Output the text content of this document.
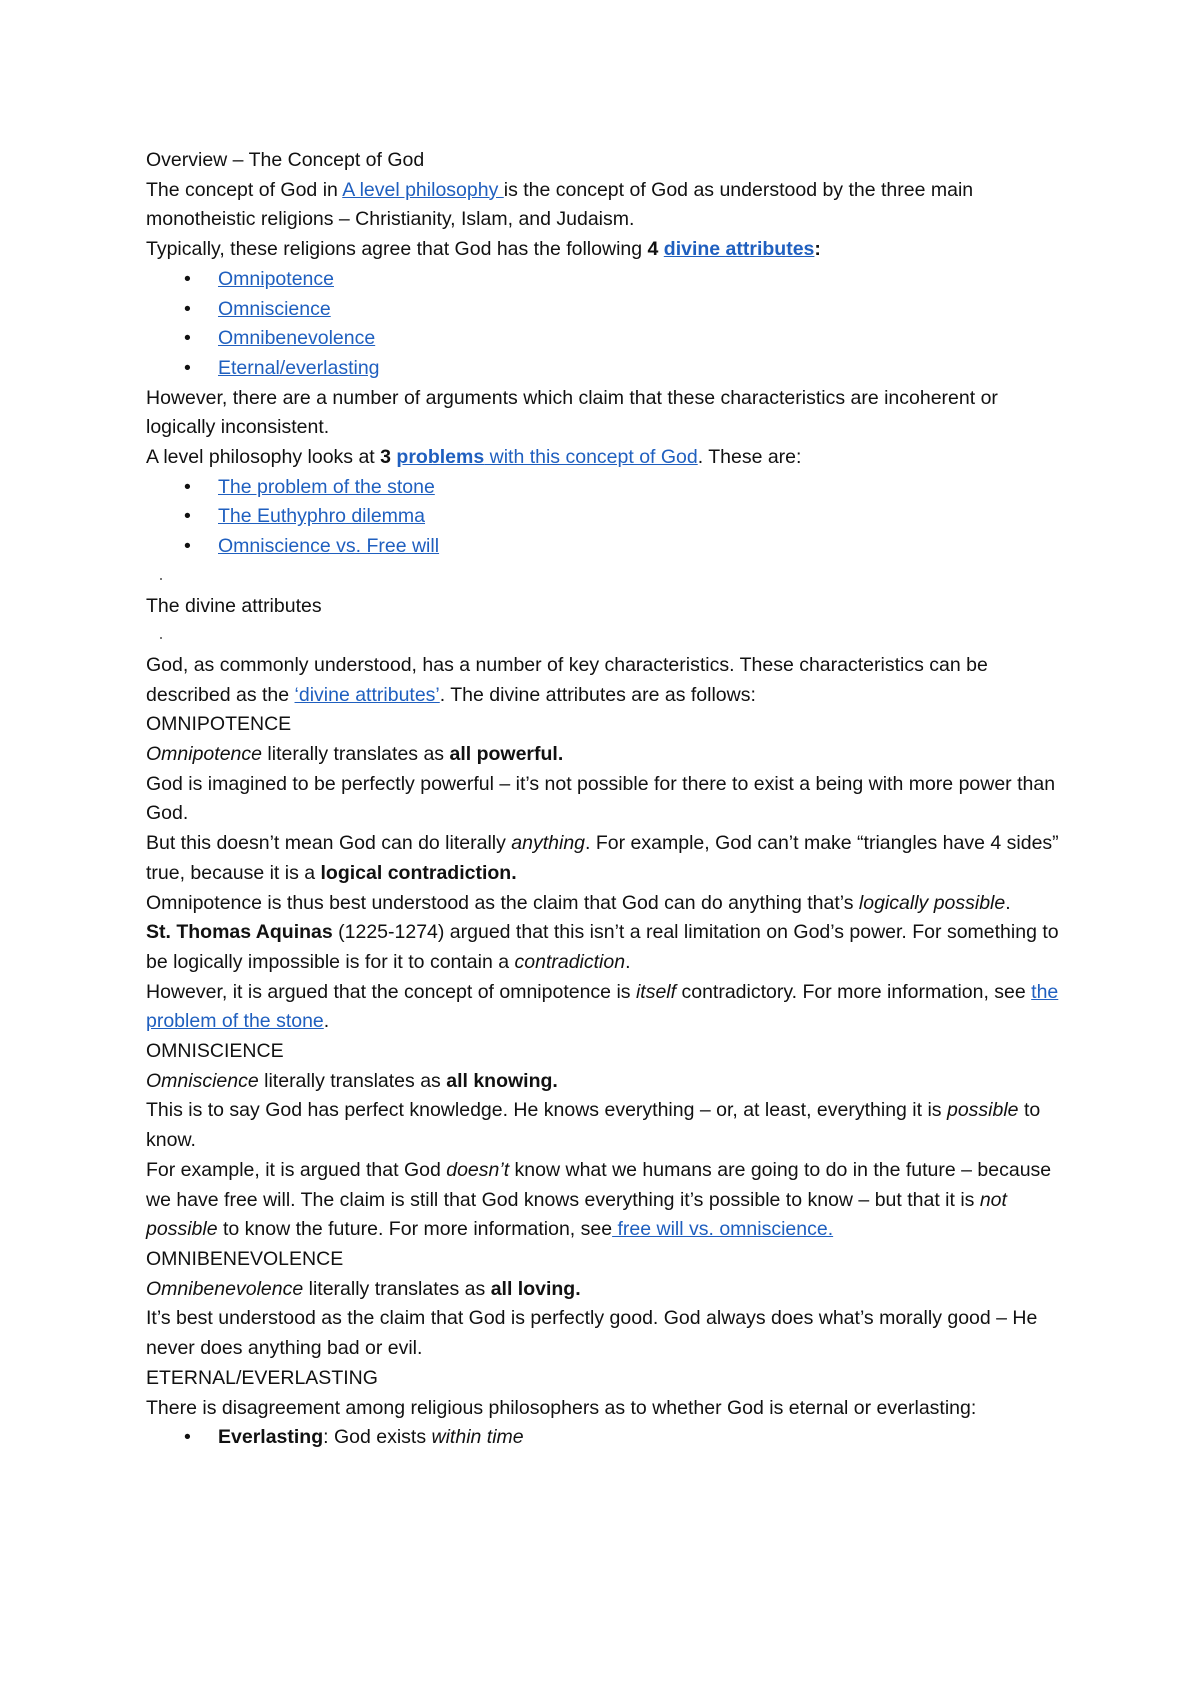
Overview – The Concept of God

The concept of God in A level philosophy is the concept of God as understood by the three main monotheistic religions – Christianity, Islam, and Judaism.

Typically, these religions agree that God has the following 4 divine attributes:

• Omnipotence
• Omniscience
• Omnibenevolence
• Eternal/everlasting

However, there are a number of arguments which claim that these characteristics are incoherent or logically inconsistent.

A level philosophy looks at 3 problems with this concept of God. These are:

• The problem of the stone
• The Euthyphro dilemma
• Omniscience vs. Free will

The divine attributes

God, as commonly understood, has a number of key characteristics. These characteristics can be described as the ‘divine attributes’. The divine attributes are as follows:

OMNIPOTENCE

Omnipotence literally translates as all powerful.

God is imagined to be perfectly powerful – it’s not possible for there to exist a being with more power than God.

But this doesn’t mean God can do literally anything. For example, God can’t make “triangles have 4 sides” true, because it is a logical contradiction.

Omnipotence is thus best understood as the claim that God can do anything that’s logically possible.

St. Thomas Aquinas (1225-1274) argued that this isn’t a real limitation on God’s power. For something to be logically impossible is for it to contain a contradiction.

However, it is argued that the concept of omnipotence is itself contradictory. For more information, see the problem of the stone.

OMNISCIENCE

Omniscience literally translates as all knowing.

This is to say God has perfect knowledge. He knows everything – or, at least, everything it is possible to know.

For example, it is argued that God doesn’t know what we humans are going to do in the future – because we have free will. The claim is still that God knows everything it’s possible to know – but that it is not possible to know the future. For more information, see free will vs. omniscience.

OMNIBENEVOLENCE

Omnibenevolence literally translates as all loving.

It’s best understood as the claim that God is perfectly good. God always does what’s morally good – He never does anything bad or evil.

ETERNAL/EVERLASTING

There is disagreement among religious philosophers as to whether God is eternal or everlasting:

• Everlasting: God exists within time
